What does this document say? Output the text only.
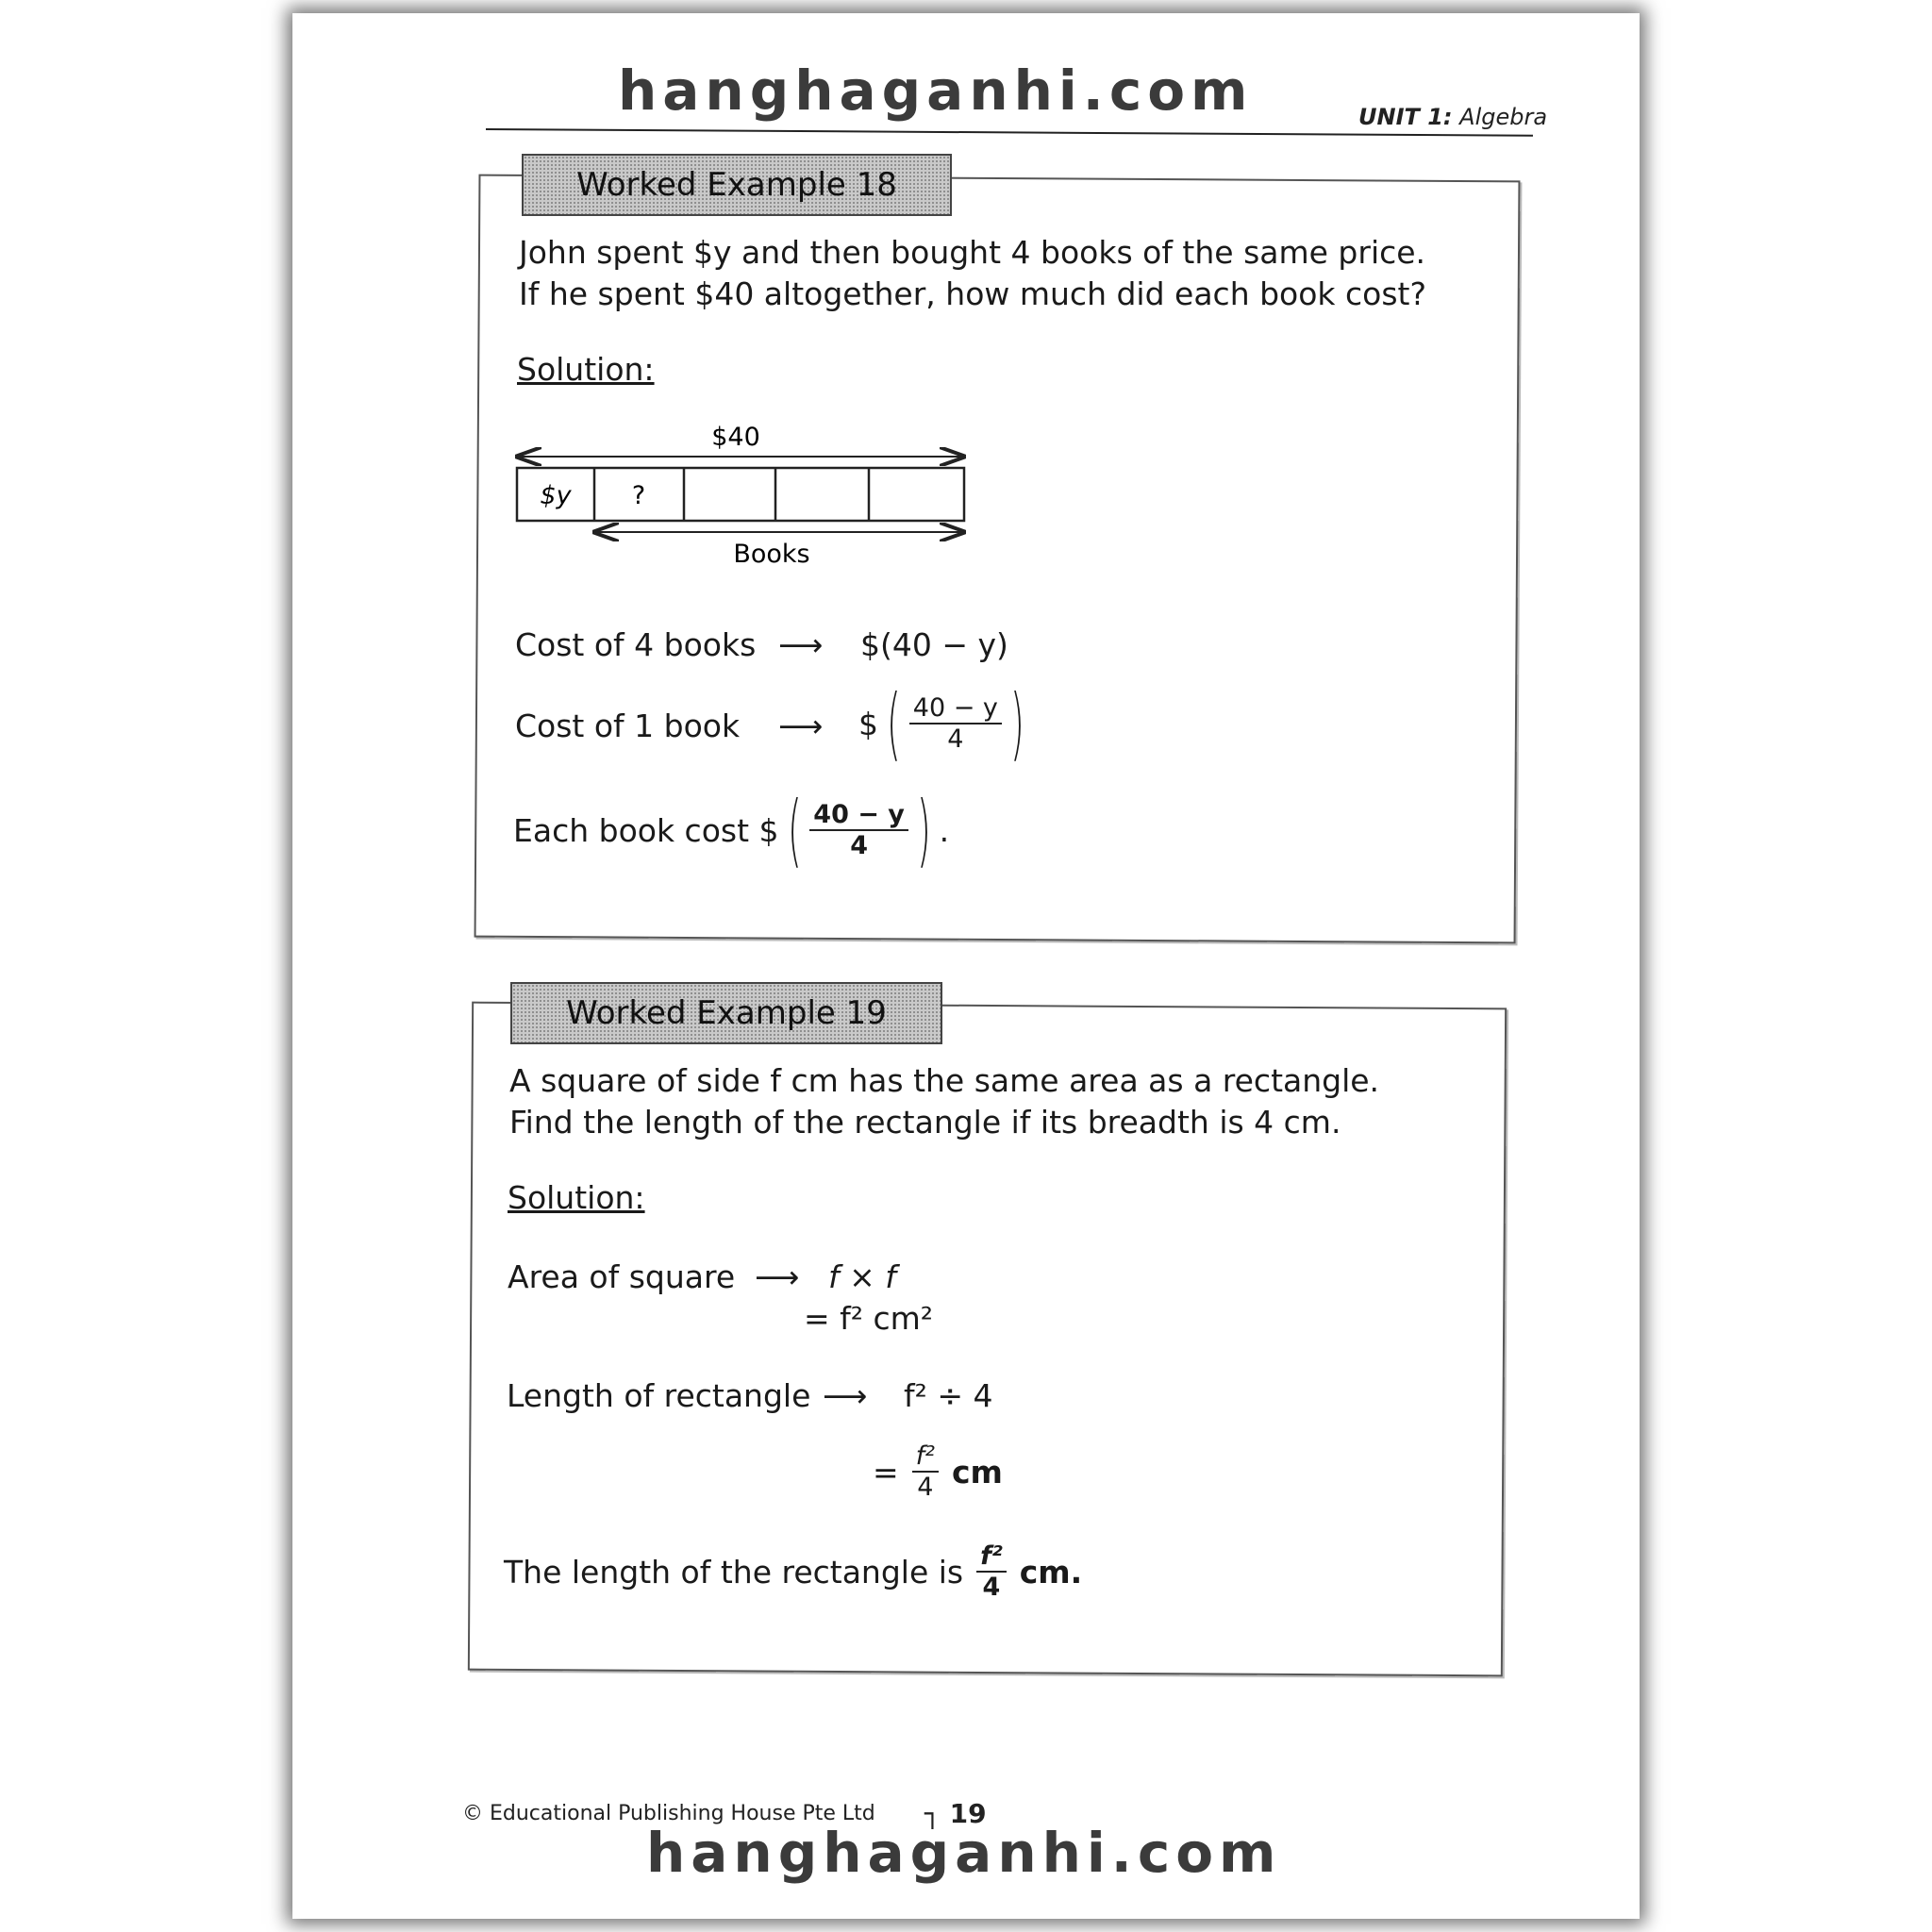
hanghaganhi.com	UNIT 1: Algebra
Worked Example 18
John spent $y and then bought 4 books of the same price.
If he spent $40 altogether, how much did each book cost?
Solution:
$40
$y ?
Books
Cost of 4 books ⟶ $(40 − y)
Cost of 1 book ⟶ $ ( $\frac{40 - y}{4}$ )
Each book cost $ ( $\frac{40 - y}{4}$ ) .
Worked Example 19
A square of side f cm has the same area as a rectangle.
Find the length of the rectangle if its breadth is 4 cm.
Solution:
Area of square ⟶ f × f
= f² cm²
Length of rectangle ⟶ f² ÷ 4
= $\frac{\text{f²}}{4}$ cm
The length of the rectangle is $\frac{\text{f²}}{4}$ cm.
© Educational Publishing House Pte Ltd ┐ 19
hanghaganhi.com
